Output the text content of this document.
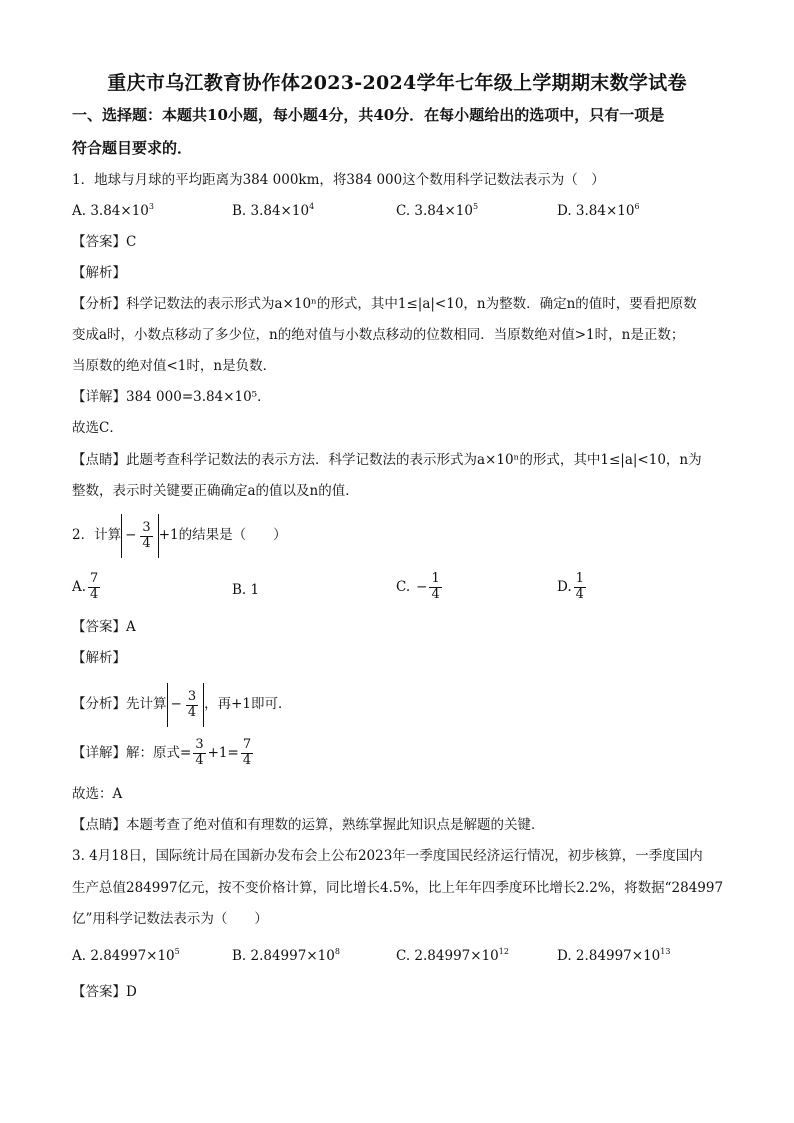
重庆市乌江教育协作体2023-2024学年七年级上学期期末数学试卷
一、选择题：本题共10小题，每小题4分，共40分．在每小题给出的选项中，只有一项是
符合题目要求的．
1．地球与月球的平均距离为384 000km，将384 000这个数用科学记数法表示为（　）
A. $3.84\times 10^3$	B. $3.84\times 10^4$	C. $3.84\times 10^5$	D. $3.84\times 10^6$
【答案】C
【解析】
【分析】科学记数法的表示形式为a×10ⁿ的形式，其中1≤|a|<10，n为整数．确定n的值时，要看把原数
变成a时，小数点移动了多少位，n的绝对值与小数点移动的位数相同．当原数绝对值>1时，n是正数；
当原数的绝对值<1时，n是负数．
【详解】384 000=3.84×10⁵．
故选C．
【点睛】此题考查科学记数法的表示方法．科学记数法的表示形式为a×10ⁿ的形式，其中1≤|a|<10，n为
整数，表示时关键要正确确定a的值以及n的值．
2．计算 − $\frac{3}{4} +1$的结果是（　　）
A. $\frac{7}{4}$	B. 1	C. − $\frac{1}{4}$	D. $\frac{1}{4}$
【答案】A
【解析】
【分析】先计算 − $\frac{3}{4}$ ，再+1即可．
【详解】解：原式= $\frac{3}{4} +1= \frac{7}{4}$
故选：A
【点睛】本题考查了绝对值和有理数的运算，熟练掌握此知识点是解题的关键．
3. 4月18日，国际统计局在国新办发布会上公布2023年一季度国民经济运行情况，初步核算，一季度国内
生产总值284997亿元，按不变价格计算，同比增长4.5%，比上年年四季度环比增长2.2%，将数据“284997
亿”用科学记数法表示为（　　）
A. $2.84997\times 10^5$	B. $2.84997\times 10^8$	C. $2.84997\times 10^{12}$	D. $2.84997\times 10^{13}$
【答案】D
